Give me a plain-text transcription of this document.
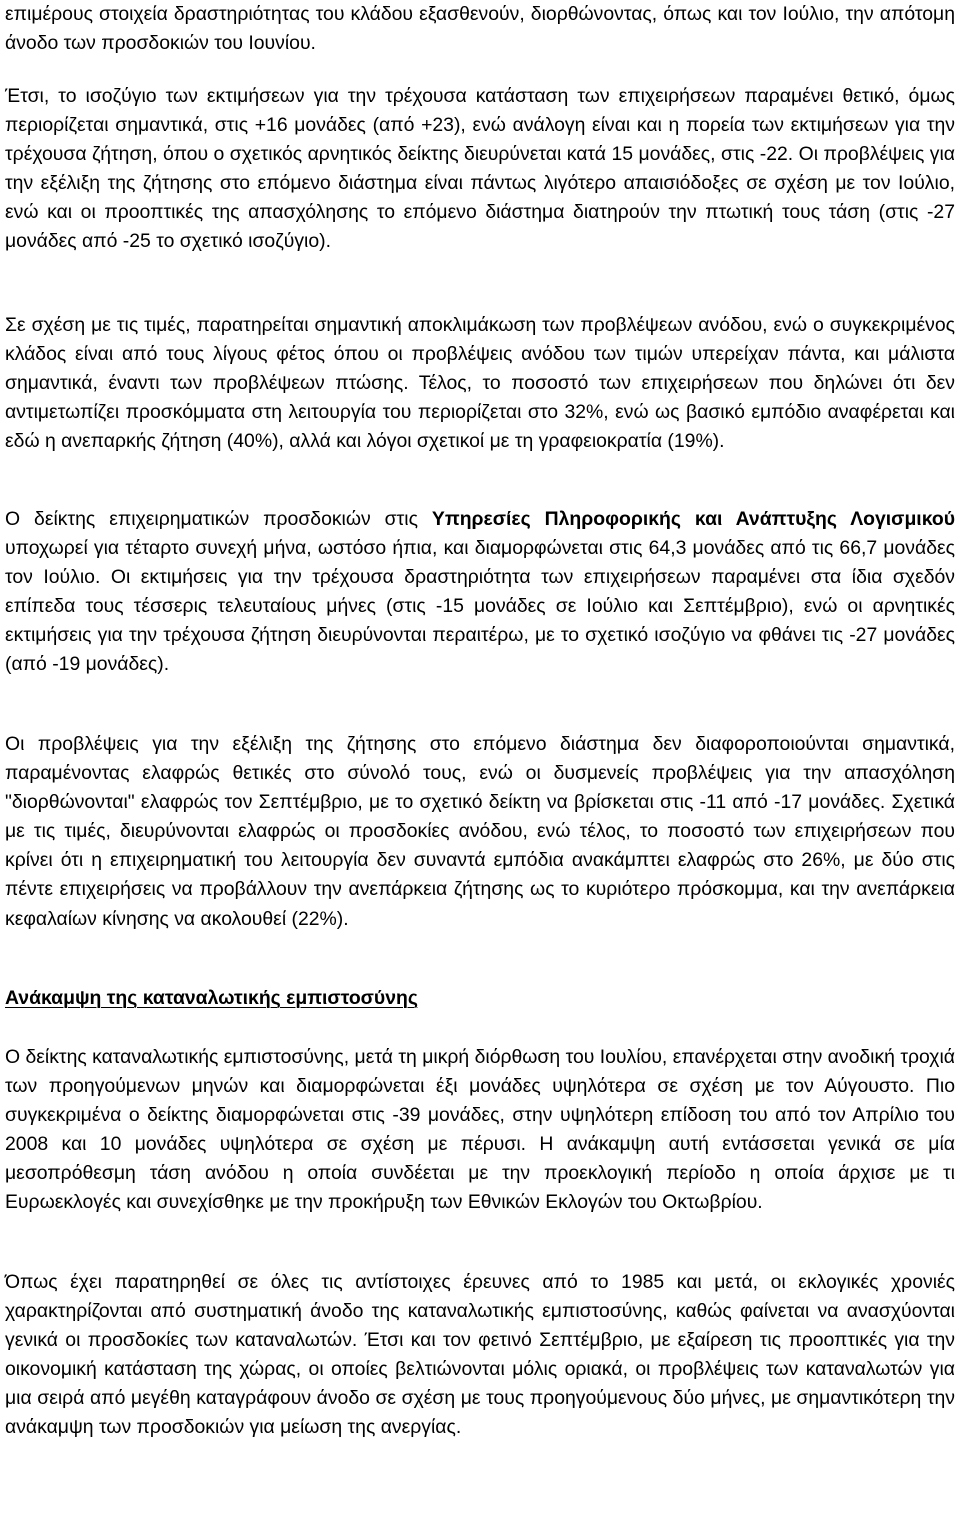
επιμέρους στοιχεία δραστηριότητας του κλάδου εξασθενούν, διορθώνοντας, όπως και τον Ιούλιο, την απότομη άνοδο των προσδοκιών του Ιουνίου.

Έτσι, το ισοζύγιο των εκτιμήσεων για την τρέχουσα κατάσταση των επιχειρήσεων παραμένει θετικό, όμως περιορίζεται σημαντικά, στις +16 μονάδες (από +23), ενώ ανάλογη είναι και η πορεία των εκτιμήσεων για την τρέχουσα ζήτηση, όπου ο σχετικός αρνητικός δείκτης διευρύνεται κατά 15 μονάδες, στις -22. Οι προβλέψεις για την εξέλιξη της ζήτησης στο επόμενο διάστημα είναι πάντως λιγότερο απαισιόδοξες σε σχέση με τον Ιούλιο, ενώ και οι προοπτικές της απασχόλησης το επόμενο διάστημα διατηρούν την πτωτική τους τάση (στις -27 μονάδες από -25 το σχετικό ισοζύγιο).

Σε σχέση με τις τιμές, παρατηρείται σημαντική αποκλιμάκωση των προβλέψεων ανόδου, ενώ ο συγκεκριμένος κλάδος είναι από τους λίγους φέτος όπου οι προβλέψεις ανόδου των τιμών υπερείχαν πάντα, και μάλιστα σημαντικά, έναντι των προβλέψεων πτώσης. Τέλος, το ποσοστό των επιχειρήσεων που δηλώνει ότι δεν αντιμετωπίζει προσκόμματα στη λειτουργία του περιορίζεται στο 32%, ενώ ως βασικό εμπόδιο αναφέρεται και εδώ η ανεπαρκής ζήτηση (40%), αλλά και λόγοι σχετικοί με τη γραφειοκρατία (19%).

Ο δείκτης επιχειρηματικών προσδοκιών στις Υπηρεσίες Πληροφορικής και Ανάπτυξης Λογισμικού υποχωρεί για τέταρτο συνεχή μήνα, ωστόσο ήπια, και διαμορφώνεται στις 64,3 μονάδες από τις 66,7 μονάδες τον Ιούλιο. Οι εκτιμήσεις για την τρέχουσα δραστηριότητα των επιχειρήσεων παραμένει στα ίδια σχεδόν επίπεδα τους τέσσερις τελευταίους μήνες (στις -15 μονάδες σε Ιούλιο και Σεπτέμβριο), ενώ οι αρνητικές εκτιμήσεις για την τρέχουσα ζήτηση διευρύνονται περαιτέρω, με το σχετικό ισοζύγιο να φθάνει τις -27 μονάδες (από -19 μονάδες).

Οι προβλέψεις για την εξέλιξη της ζήτησης στο επόμενο διάστημα δεν διαφοροποιούνται σημαντικά, παραμένοντας ελαφρώς θετικές στο σύνολό τους, ενώ οι δυσμενείς προβλέψεις για την απασχόληση "διορθώνονται" ελαφρώς τον Σεπτέμβριο, με το σχετικό δείκτη να βρίσκεται στις -11 από -17 μονάδες. Σχετικά με τις τιμές, διευρύνονται ελαφρώς οι προσδοκίες ανόδου, ενώ τέλος, το ποσοστό των επιχειρήσεων που κρίνει ότι η επιχειρηματική του λειτουργία δεν συναντά εμπόδια ανακάμπτει ελαφρώς στο 26%, με δύο στις πέντε επιχειρήσεις να προβάλλουν την ανεπάρκεια ζήτησης ως το κυριότερο πρόσκομμα, και την ανεπάρκεια κεφαλαίων κίνησης να ακολουθεί (22%).

Ανάκαμψη της καταναλωτικής εμπιστοσύνης

Ο δείκτης καταναλωτικής εμπιστοσύνης, μετά τη μικρή διόρθωση του Ιουλίου, επανέρχεται στην ανοδική τροχιά των προηγούμενων μηνών και διαμορφώνεται έξι μονάδες υψηλότερα σε σχέση με τον Αύγουστο. Πιο συγκεκριμένα ο δείκτης διαμορφώνεται στις -39 μονάδες, στην υψηλότερη επίδοση του από τον Απρίλιο του 2008 και 10 μονάδες υψηλότερα σε σχέση με πέρυσι. Η ανάκαμψη αυτή εντάσσεται γενικά σε μία μεσοπρόθεσμη τάση ανόδου η οποία συνδέεται με την προεκλογική περίοδο η οποία άρχισε με τι Ευρωεκλογές και συνεχίσθηκε με την προκήρυξη των Εθνικών Εκλογών του Οκτωβρίου.

Όπως έχει παρατηρηθεί σε όλες τις αντίστοιχες έρευνες από το 1985 και μετά, οι εκλογικές χρονιές χαρακτηρίζονται από συστηματική άνοδο της καταναλωτικής εμπιστοσύνης, καθώς φαίνεται να ανασχύονται γενικά οι προσδοκίες των καταναλωτών. Έτσι και τον φετινό Σεπτέμβριο, με εξαίρεση τις προοπτικές για την οικονομική κατάσταση της χώρας, οι οποίες βελτιώνονται μόλις οριακά, οι προβλέψεις των καταναλωτών για μια σειρά από μεγέθη καταγράφουν άνοδο σε σχέση με τους προηγούμενους δύο μήνες, με σημαντικότερη την ανάκαμψη των προσδοκιών για μείωση της ανεργίας.
